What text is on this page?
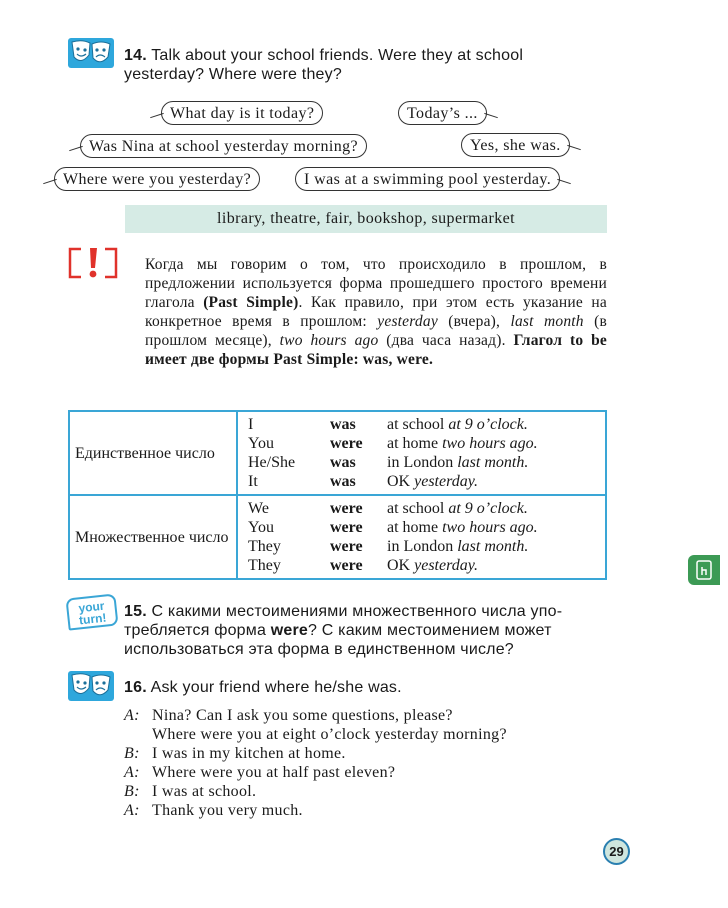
14. Talk about your school friends. Were they at school
yesterday? Where were they?
What day is it today?	Today’s ...
Was Nina at school yesterday morning?	Yes, she was.
Where were you yesterday?	I was at a swimming pool yesterday.
library, theatre, fair, bookshop, supermarket
Когда мы говорим о том, что происходило в прошлом, в предложении используется форма прошедшего простого времени глагола (Past Simple). Как правило, при этом есть указание на конкретное время в прошлом: yesterday (вчера), last month (в прошлом месяце), two hours ago (два часа назад). Глагол to be имеет две формы Past Simple: was, were.
Единственное число	I was at school at 9 o’clock.
You were at home two hours ago.
He/She was in London last month.
It was OK yesterday.

Множественное число	We were at school at 9 o’clock.
You were at home two hours ago.
They were in London last month.
They were OK yesterday.
your
turn!	15. С какими местоимениями множественного числа упо-
требляется форма were? С каким местоимением может
использоваться эта форма в единственном числе?
16. Ask your friend where he/she was.
A: Nina? Can I ask you some questions, please?
Where were you at eight o’clock yesterday morning?
B: I was in my kitchen at home.
A: Where were you at half past eleven?
B: I was at school.
A: Thank you very much.
29
